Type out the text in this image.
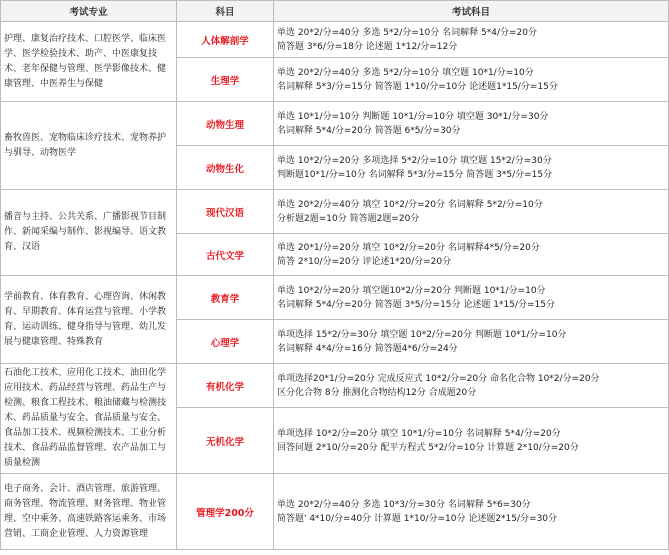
考试专业	科目	考试科目
护理、康复治疗技术、口腔医学、临床医学、医学检验技术、助产、中医康复技术、老年保健与管理、医学影像技术、健康管理、中医养生与保健	人体解剖学	单选 20*2/分=40分 多选 5*2/分=10分 名词解释 5*4/分=20分
简答题 3*6/分=18分 论述题 1*12/分=12分

	生理学	单选 20*2/分=40分 多选 5*2/分=10分 填空题 10*1/分=10分
名词解释 5*3/分=15分 简答题 1*10/分=10分 论述题1*15/分=15分

畜牧兽医、宠物临床诊疗技术、宠物养护与驯导、动物医学	动物生理	单选 10*1/分=10分 判断题 10*1/分=10分 填空题 30*1/分=30分
名词解释 5*4/分=20分 简答题 6*5/分=30分

	动物生化	单选 10*2/分=20分 多项选择 5*2/分=10分 填空题 15*2/分=30分
判断题10*1/分=10分 名词解释 5*3/分=15分 简答题 3*5/分=15分

播音与主持、公共关系、广播影视节目制作、新闻采编与制作、影视编导、语文教育、汉语	现代汉语	单选 20*2/分=40分 填空 10*2/分=20分 名词解释 5*2/分=10分
分析题2题=10分 简答题2题=20分

	古代文学	单选 20*1/分=20分 填空 10*2/分=20分 名词解释4*5/分=20分
简答 2*10/分=20分 评论述1*20/分=20分

学前教育、体育教育、心理咨询、休闲教育、早期教育、体育运营与管理、小学教育、运动训练、健身指导与管理、幼儿发展与健康管理、特殊教育	教育学	单选 10*2/分=20分 填空题10*2/分=20分 判断题 10*1/分=10分
名词解释 5*4/分=20分 简答题 3*5/分=15分 论述题 1*15/分=15分

	心理学	单项选择 15*2/分=30分 填空题 10*2/分=20分 判断题 10*1/分=10分
名词解释 4*4/分=16分 简答题4*6/分=24分

石油化工技术、应用化工技术、油田化学应用技术、药品经营与管理、药品生产与检测、粮食工程技术、粮油储藏与检测技术、药品质量与安全、食品质量与安全、食品加工技术、视频检测技术、工业分析技术、食品药品监督管理、农产品加工与质量检测	有机化学	单项选择20*1/分=20分 完成反应式 10*2/分=20分 命名化合物 10*2/分=20分
区分化合物 8分 推测化合物结构12分 合成题20分

	无机化学	单项选择 10*2/分=20分 填空 10*1/分=10分 名词解释 5*4/分=20分
回答问题 2*10/分=20分 配平方程式 5*2/分=10分 计算题 2*10/分=20分

电子商务、会计、酒店管理、旅游管理、商务管理、物流管理、财务管理、物业管理、空中乘务、高速铁路客运乘务、市场营销、工商企业管理、人力资源管理	管理学200分	单选 20*2/分=40分 多选 10*3/分=30分 名词解释 5*6=30分
简答题' 4*10/分=40分 计算题 1*10/分=10分 论述题2*15/分=30分
